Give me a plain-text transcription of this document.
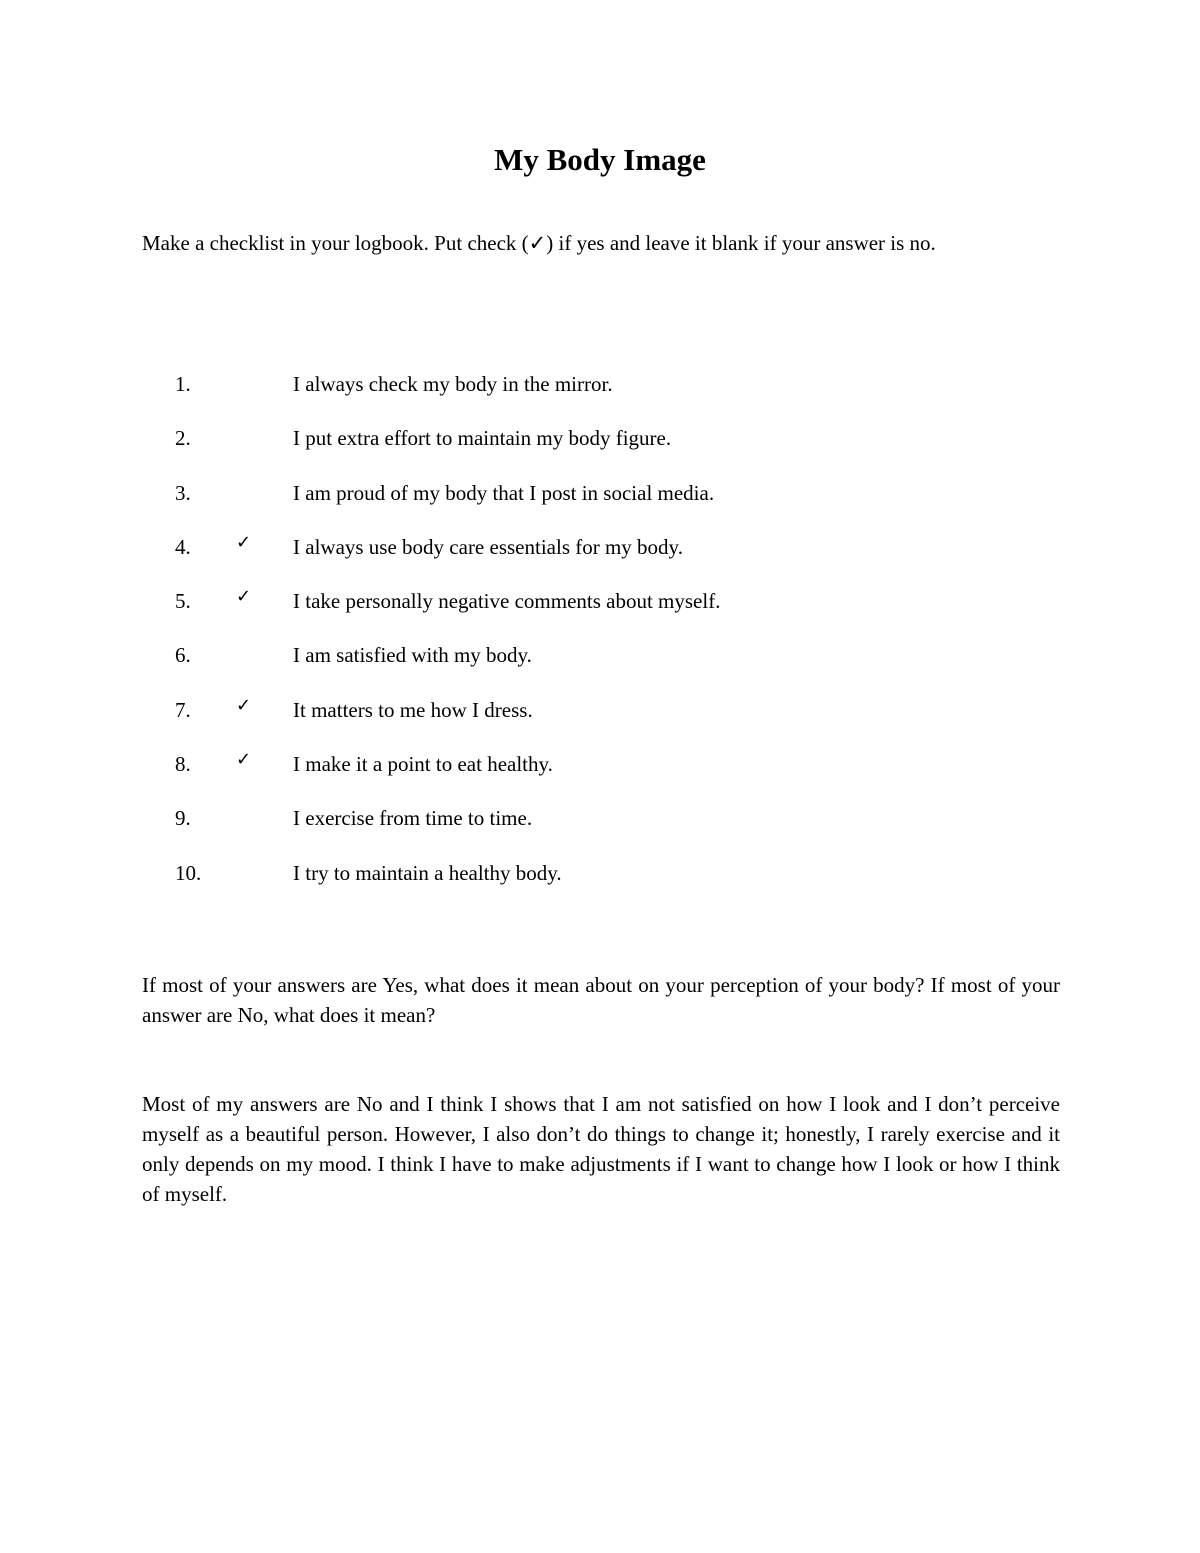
My Body Image

Make a checklist in your logbook. Put check (✓) if yes and leave it blank if your answer is no.

1.	I always check my body in the mirror.
2.	I put extra effort to maintain my body figure.
3.	I am proud of my body that I post in social media.
4.	✓ I always use body care essentials for my body.
5.	✓ I take personally negative comments about myself.
6.	I am satisfied with my body.
7.	✓ It matters to me how I dress.
8.	✓ I make it a point to eat healthy.
9.	I exercise from time to time.
10.	I try to maintain a healthy body.

If most of your answers are Yes, what does it mean about on your perception of your body? If most of your answer are No, what does it mean?

Most of my answers are No and I think I shows that I am not satisfied on how I look and I don’t perceive myself as a beautiful person. However, I also don’t do things to change it; honestly, I rarely exercise and it only depends on my mood. I think I have to make adjustments if I want to change how I look or how I think of myself.
